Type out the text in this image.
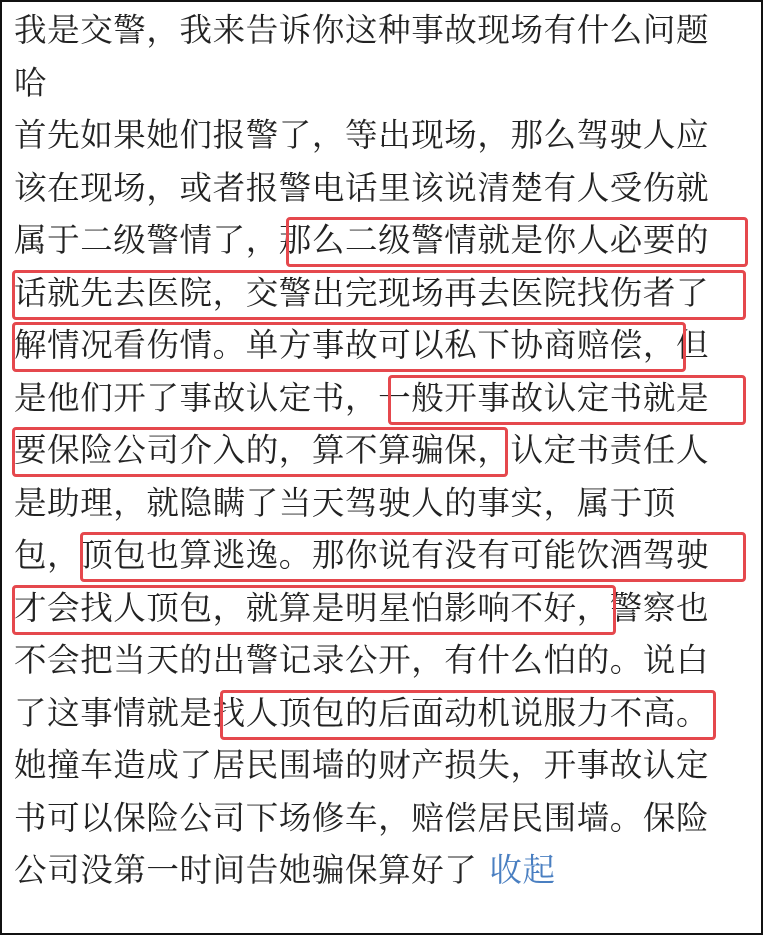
我是交警，我来告诉你这种事故现场有什么问题
哈
首先如果她们报警了，等出现场，那么驾驶人应
该在现场，或者报警电话里该说清楚有人受伤就
属于二级警情了，那么二级警情就是你人必要的
话就先去医院，交警出完现场再去医院找伤者了
解情况看伤情。单方事故可以私下协商赔偿，但
是他们开了事故认定书，一般开事故认定书就是
要保险公司介入的，算不算骗保，认定书责任人
是助理，就隐瞒了当天驾驶人的事实，属于顶
包，顶包也算逃逸。那你说有没有可能饮酒驾驶
才会找人顶包，就算是明星怕影响不好，警察也
不会把当天的出警记录公开，有什么怕的。说白
了这事情就是找人顶包的后面动机说服力不高。
她撞车造成了居民围墙的财产损失，开事故认定
书可以保险公司下场修车，赔偿居民围墙。保险
公司没第一时间告她骗保算好了 收起
